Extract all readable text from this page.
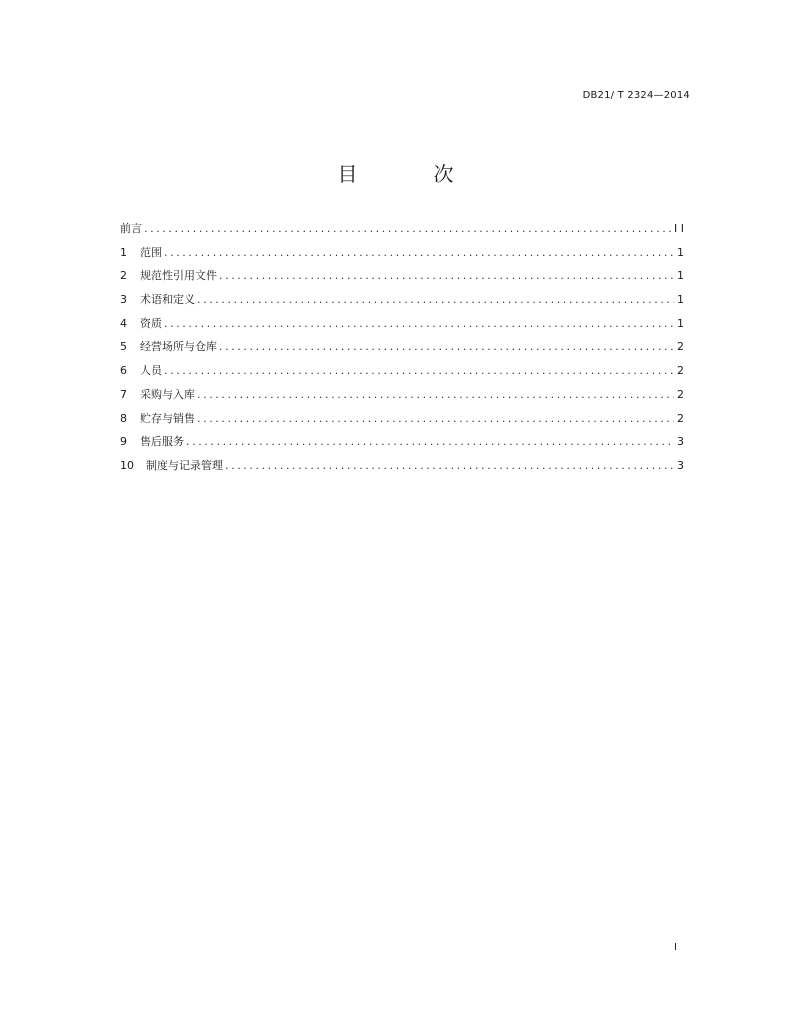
DB21/ T 2324—2014
目　次
前言 .....	I I
1	范围 .....	1
2	规范性引用文件 .....	1
3	术语和定义 .....	1
4	资质 .....	1
5	经营场所与仓库 .....	2
6	人员 .....	2
7	采购与入库 .....	2
8	贮存与销售 .....	2
9	售后服务 .....	3
10	制度与记录管理 .....	3
I
